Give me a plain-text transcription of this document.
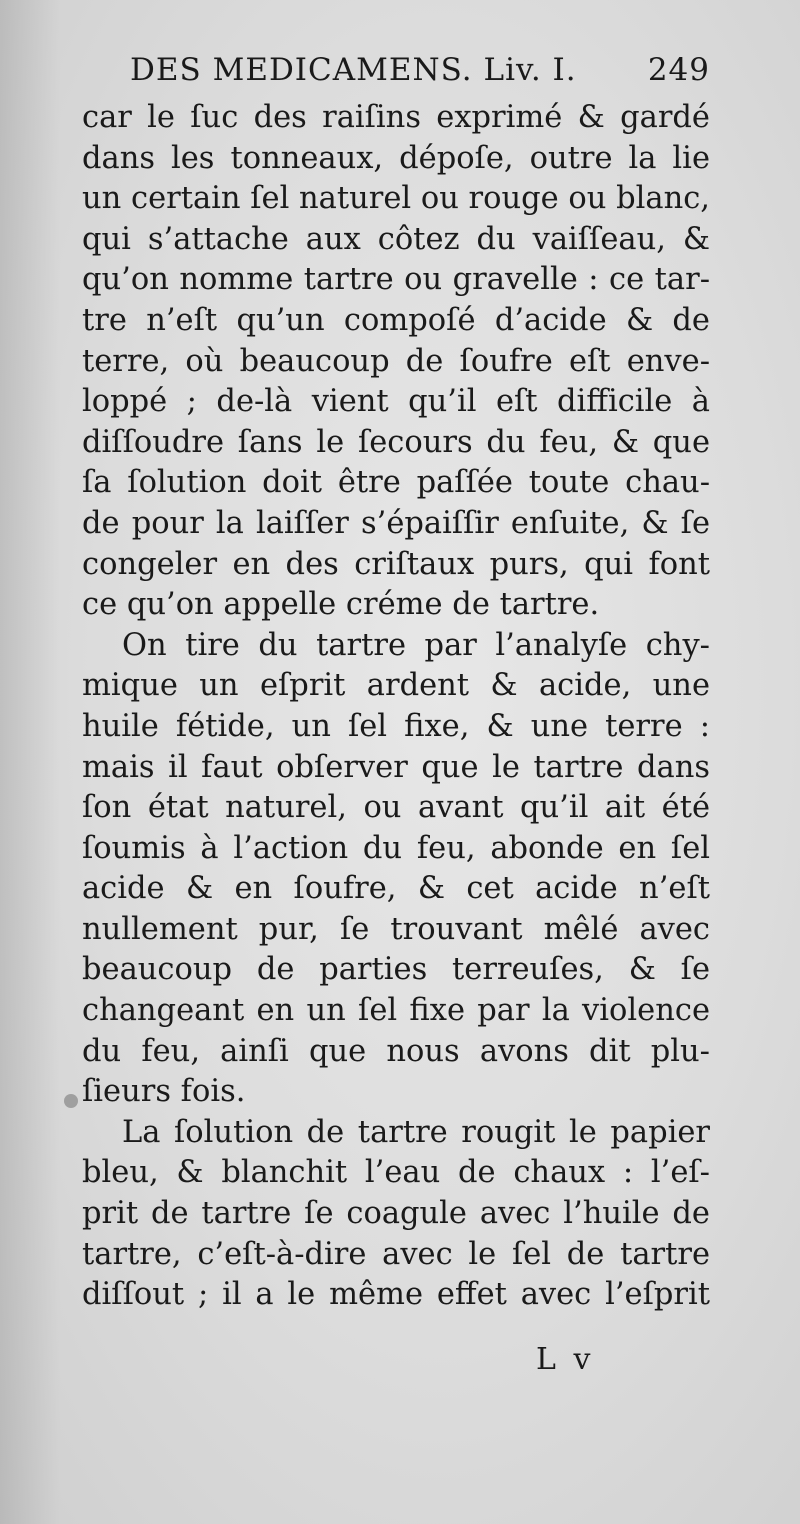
DES MEDICAMENS. Liv. I. 249
car le ſuc des raiſins exprimé & gardé
dans les tonneaux, dépoſe, outre la lie
un certain ſel naturel ou rouge ou blanc,
qui s’attache aux côtez du vaiſſeau, &
qu’on nomme tartre ou gravelle : ce tar-
tre n’eſt qu’un compoſé d’acide & de
terre, où beaucoup de ſoufre eſt enve-
loppé ; de-là vient qu’il eſt difficile à
diſſoudre ſans le ſecours du feu, & que
ſa ſolution doit être paſſée toute chau-
de pour la laiſſer s’épaiſſir enſuite, & ſe
congeler en des criſtaux purs, qui font
ce qu’on appelle créme de tartre.
On tire du tartre par l’analyſe chy-
mique un eſprit ardent & acide, une
huile fétide, un ſel fixe, & une terre :
mais il faut obſerver que le tartre dans
ſon état naturel, ou avant qu’il ait été
ſoumis à l’action du feu, abonde en ſel
acide & en ſoufre, & cet acide n’eſt
nullement pur, ſe trouvant mêlé avec
beaucoup de parties terreuſes, & ſe
changeant en un ſel fixe par la violence
du feu, ainſi que nous avons dit plu-
ſieurs fois.
La ſolution de tartre rougit le papier
bleu, & blanchit l’eau de chaux : l’eſ-
prit de tartre ſe coagule avec l’huile de
tartre, c’eſt-à-dire avec le ſel de tartre
diſſout ; il a le même effet avec l’eſprit
L v
